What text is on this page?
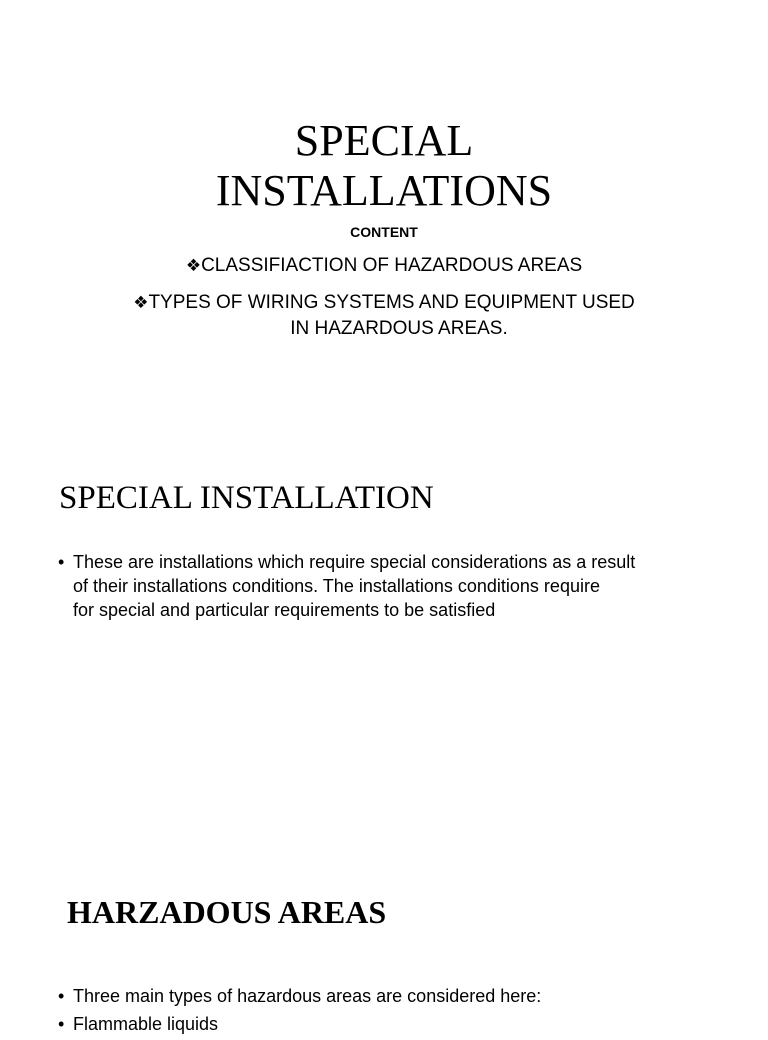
SPECIAL
INSTALLATIONS
CONTENT
❖CLASSIFIACTION OF HAZARDOUS AREAS
❖TYPES OF WIRING SYSTEMS AND EQUIPMENT USED
IN HAZARDOUS AREAS.
SPECIAL INSTALLATION
• These are installations which require special considerations as a result
of their installations conditions. The installations conditions require
for special and particular requirements to be satisfied
HARZADOUS AREAS
• Three main types of hazardous areas are considered here:
• Flammable liquids
